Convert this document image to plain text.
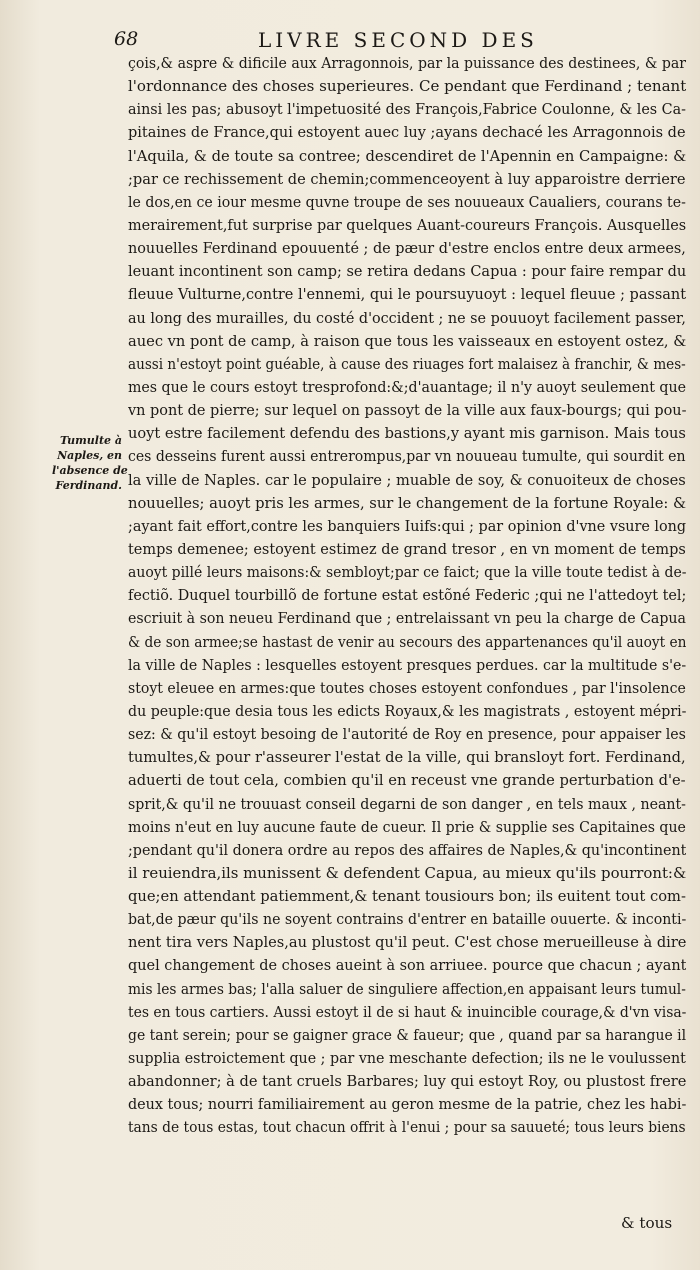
68	LIVRE SECOND DES
Tumulte à
Naples, en
l'absence de
Ferdinand.
çois,& aspre & dificile aux Arragonnois, par la puissance des destinees, & par
l'ordonnance des choses superieures. Ce pendant que Ferdinand ; tenant
ainsi les pas; abusoyt l'impetuosité des François,Fabrice Coulonne, & les Ca-
pitaines de France,qui estoyent auec luy ;ayans dechacé les Arragonnois de
l'Aquila, & de toute sa contree; descendiret de l'Apennin en Campaigne: &
;par ce rechissement de chemin;commenceoyent à luy apparoistre derriere
le dos,en ce iour mesme quvne troupe de ses nouueaux Caualiers, courans te-
merairement,fut surprise par quelques Auant-coureurs François. Ausquelles
nouuelles Ferdinand epouuenté ; de pæur d'estre enclos entre deux armees,
leuant incontinent son camp; se retira dedans Capua : pour faire rempar du
fleuue Vulturne,contre l'ennemi, qui le poursuyuoyt : lequel fleuue ; passant
au long des murailles, du costé d'occident ; ne se pouuoyt facilement passer,
auec vn pont de camp, à raison que tous les vaisseaux en estoyent ostez, &
aussi n'estoyt point guéable, à cause des riuages fort malaisez à franchir, & mes-
mes que le cours estoyt tresprofond:&;d'auantage; il n'y auoyt seulement que
vn pont de pierre; sur lequel on passoyt de la ville aux faux-bourgs; qui pou-
uoyt estre facilement defendu des bastions,y ayant mis garnison. Mais tous
ces desseins furent aussi entrerompus,par vn nouueau tumulte, qui sourdit en
la ville de Naples. car le populaire ; muable de soy, & conuoiteux de choses
nouuelles; auoyt pris les armes, sur le changement de la fortune Royale: &
;ayant fait effort,contre les banquiers Iuifs:qui ; par opinion d'vne vsure long
temps demenee; estoyent estimez de grand tresor , en vn moment de temps
auoyt pillé leurs maisons:& sembloyt;par ce faict; que la ville toute tedist à de-
fectiõ. Duquel tourbillõ de fortune estat estõné Federic ;qui ne l'attedoyt tel;
escriuit à son neueu Ferdinand que ; entrelaissant vn peu la charge de Capua
& de son armee;se hastast de venir au secours des appartenances qu'il auoyt en
la ville de Naples : lesquelles estoyent presques perdues. car la multitude s'e-
stoyt eleuee en armes:que toutes choses estoyent confondues , par l'insolence
du peuple:que desia tous les edicts Royaux,& les magistrats , estoyent mépri-
sez: & qu'il estoyt besoing de l'autorité de Roy en presence, pour appaiser les
tumultes,& pour r'asseurer l'estat de la ville, qui bransloyt fort. Ferdinand,
aduerti de tout cela, combien qu'il en receust vne grande perturbation d'e-
sprit,& qu'il ne trouuast conseil degarni de son danger , en tels maux , neant-
moins n'eut en luy aucune faute de cueur. Il prie & supplie ses Capitaines que
;pendant qu'il donera ordre au repos des affaires de Naples,& qu'incontinent
il reuiendra,ils munissent & defendent Capua, au mieux qu'ils pourront:&
que;en attendant patiemment,& tenant tousiours bon; ils euitent tout com-
bat,de pæur qu'ils ne soyent contrains d'entrer en bataille ouuerte. & inconti-
nent tira vers Naples,au plustost qu'il peut. C'est chose merueilleuse à dire
quel changement de choses aueint à son arriuee. pource que chacun ; ayant
mis les armes bas; l'alla saluer de singuliere affection,en appaisant leurs tumul-
tes en tous cartiers. Aussi estoyt il de si haut & inuincible courage,& d'vn visa-
ge tant serein; pour se gaigner grace & faueur; que , quand par sa harangue il
supplia estroictement que ; par vne meschante defection; ils ne le voulussent
abandonner; à de tant cruels Barbares; luy qui estoyt Roy, ou plustost frere
deux tous; nourri familiairement au geron mesme de la patrie, chez les habi-
tans de tous estas, tout chacun offrit à l'enui ; pour sa sauueté; tous leurs biens
& tous
